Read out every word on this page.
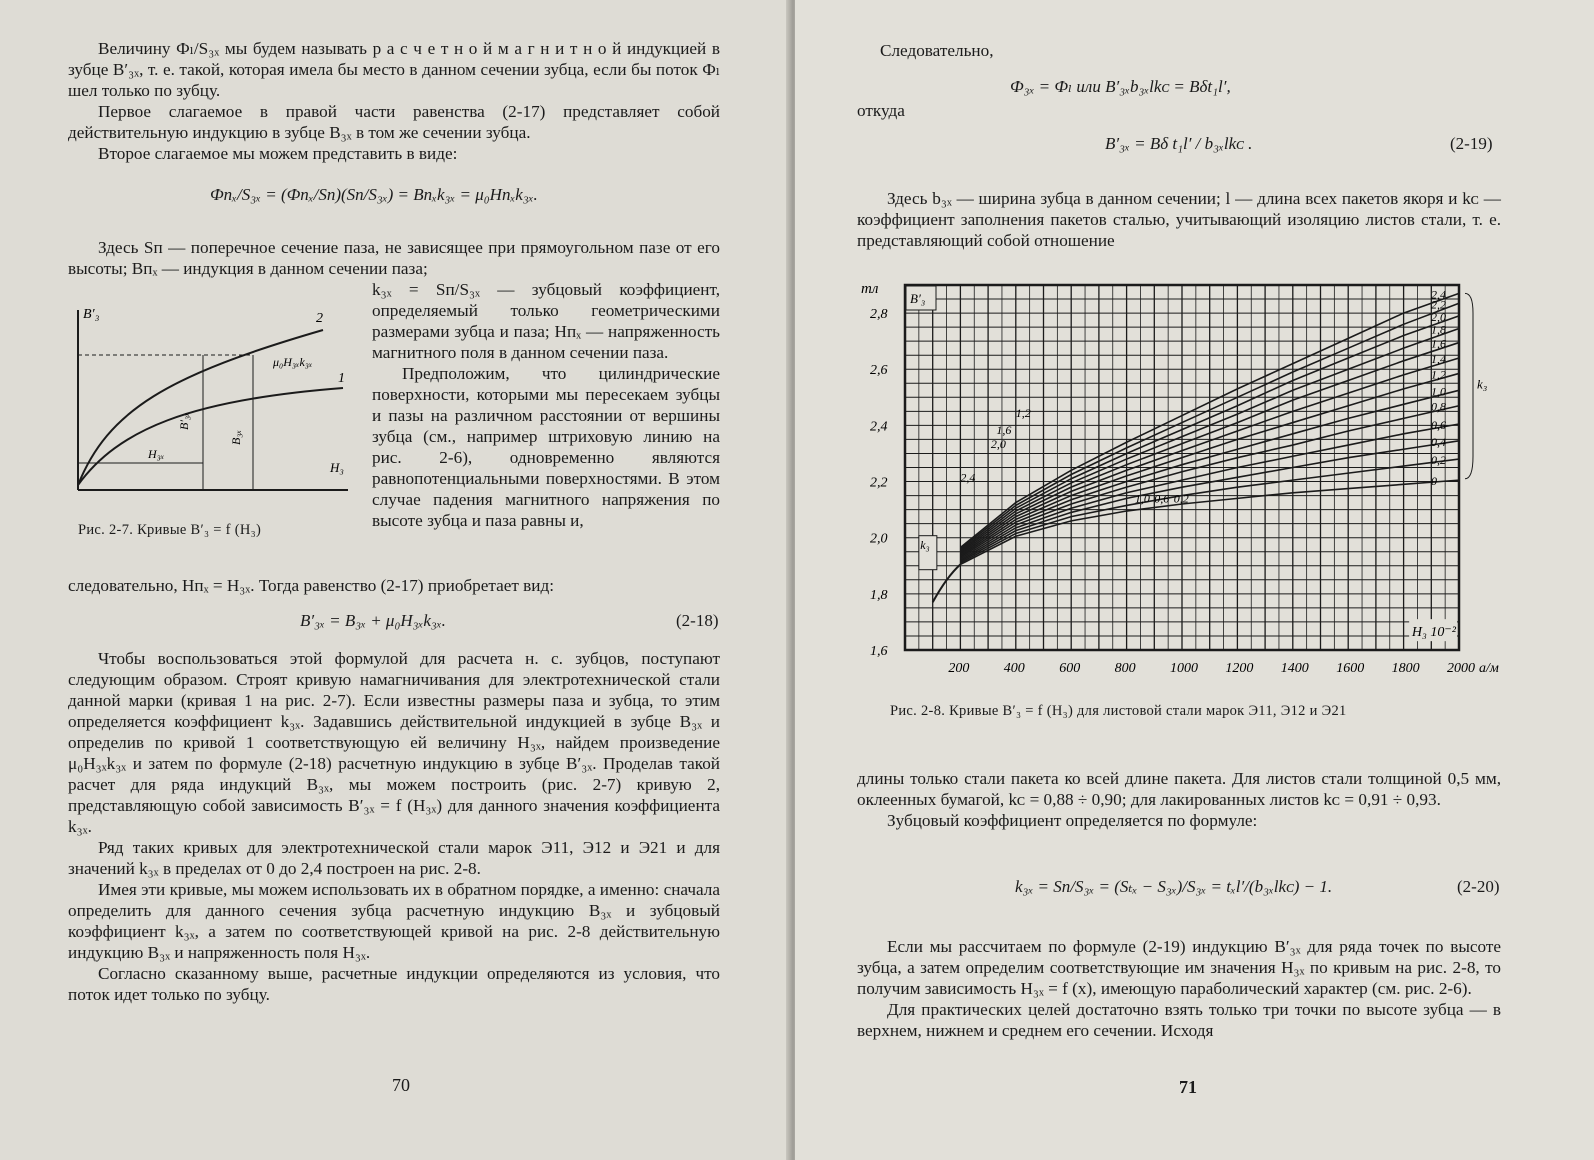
Величину Фₗ/S₃ₓ мы будем называть р а с ч е т н о й м а г н и т н о й индукцией в зубце B′₃ₓ, т. е. такой, которая имела бы место в данном сечении зубца, если бы поток Фₗ шел только по зубцу.

Первое слагаемое в правой части равенства (2-17) представляет собой действительную индукцию в зубце B₃ₓ в том же сечении зубца.

Второе слагаемое мы можем представить в виде:

Фпₓ/S₃ₓ = (Фпₓ/Sп)(Sп/S₃ₓ) = Bпₓk₃ₓ = μ₀Hпₓk₃ₓ.

Здесь Sп — поперечное сечение паза, не зависящее при прямоугольном пазе от его высоты; Bпₓ — индукция в данном сечении паза;

B′₃
H₃
2
1
μ₀H₃ₓk₃ₓ
H₃ₓ
B′₃ₓ
B₃ₓ
Рис. 2-7. Кривые B′₃ = f (H₃)

k₃ₓ = Sп/S₃ₓ — зубцовый коэффициент, определяемый только геометрическими размерами зубца и паза; Hпₓ — напряженность магнитного поля в данном сечении паза.

Предположим, что цилиндрические поверхности, которыми мы пересекаем зубцы и пазы на различном расстоянии от вершины зубца (см., например штриховую линию на рис. 2-6), одновременно являются равнопотенциальными поверхностями. В этом случае падения магнитного напряжения по высоте зубца и паза равны и,

следовательно, Hпₓ = H₃ₓ. Тогда равенство (2-17) приобретает вид:

B′₃ₓ = B₃ₓ + μ₀H₃ₓk₃ₓ.	(2-18)

Чтобы воспользоваться этой формулой для расчета н. с. зубцов, поступают следующим образом. Строят кривую намагничивания для электротехнической стали данной марки (кривая 1 на рис. 2-7). Если известны размеры паза и зубца, то этим определяется коэффициент k₃ₓ. Задавшись действительной индукцией в зубце B₃ₓ и определив по кривой 1 соответствующую ей величину H₃ₓ, найдем произведение μ₀H₃ₓk₃ₓ и затем по формуле (2-18) расчетную индукцию в зубце B′₃ₓ. Проделав такой расчет для ряда индукций B₃ₓ, мы можем построить (рис. 2-7) кривую 2, представляющую собой зависимость B′₃ₓ = f (H₃ₓ) для данного значения коэффициента k₃ₓ.

Ряд таких кривых для электротехнической стали марок Э11, Э12 и Э21 и для значений k₃ₓ в пределах от 0 до 2,4 построен на рис. 2-8.

Имея эти кривые, мы можем использовать их в обратном порядке, а именно: сначала определить для данного сечения зубца расчетную индукцию B₃ₓ и зубцовый коэффициент k₃ₓ, а затем по соответствующей кривой на рис. 2-8 действительную индукцию B₃ₓ и напряженность поля H₃ₓ.

Согласно сказанному выше, расчетные индукции определяются из условия, что поток идет только по зубцу.

70
Следовательно,
Ф₃ₓ = Фₗ или B′₃ₓb₃ₓlkᴄ = Bδt₁l′,
откуда
B′₃ₓ = Bδ t₁l′ / b₃ₓlkᴄ .	(2-19)

Здесь b₃ₓ — ширина зубца в данном сечении; l — длина всех пакетов якоря и kᴄ — коэффициент заполнения пакетов сталью, учитывающий изоляцию листов стали, т. е. представляющий собой отношение

200 400 600 800 1000 1200 1400 1600 1800 2000 а/м
1,6
1,8
2,0
2,2
2,4
2,6
2,8
тл
B′₃
H₃ 10⁻²
2,4
2,2
2,0
1,8
1,6
1,4
1,2
1,0
0,8
0,6
0,4
0,2
0
k₃
1,2
1,6
2,0
2,4
1,0 0,6 0,2
k₃
Рис. 2-8. Кривые B′₃ = f (H₃) для листовой стали марок Э11, Э12 и Э21

длины только стали пакета ко всей длине пакета. Для листов стали толщиной 0,5 мм, оклеенных бумагой, kᴄ = 0,88 ÷ 0,90; для лакированных листов kᴄ = 0,91 ÷ 0,93.

Зубцовый коэффициент определяется по формуле:

k₃ₓ = Sп/S₃ₓ = (Sₜₓ − S₃ₓ)/S₃ₓ = tₓl′/(b₃ₓlkᴄ) − 1.	(2-20)

Если мы рассчитаем по формуле (2-19) индукцию B′₃ₓ для ряда точек по высоте зубца, а затем определим соответствующие им значения H₃ₓ по кривым на рис. 2-8, то получим зависимость H₃ₓ = f (x), имеющую параболический характер (см. рис. 2-6).

Для практических целей достаточно взять только три точки по высоте зубца — в верхнем, нижнем и среднем его сечении. Исходя

71
